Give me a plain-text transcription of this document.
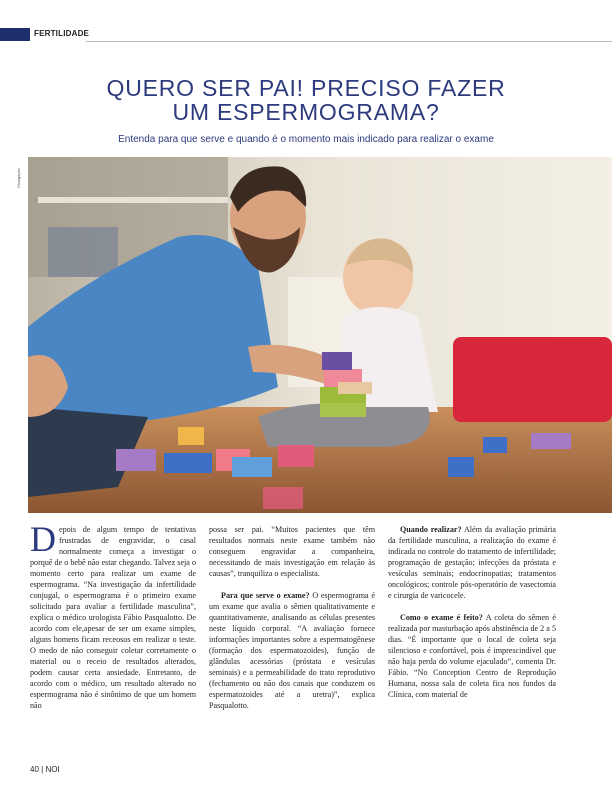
FERTILIDADE
QUERO SER PAI! PRECISO FAZER
UM ESPERMOGRAMA?
Entenda para que serve e quando é o momento mais indicado para realizar o exame
Divulgação

Depois de algum tempo de tentativas frustradas de engravidar, o casal normalmente começa a investigar o porquê de o bebê não estar chegando. Talvez seja o momento certo para realizar um exame de espermograma. “Na investigação da infertilidade conjugal, o espermograma é o primeiro exame solicitado para avaliar a fertilidade masculina”, explica o médico urologista Fábio Pasqualotto. De acordo com ele,apesar de ser um exame simples, alguns homens ficam receosos em realizar o teste. O medo de não conseguir coletar corretamente o material ou o receio de resultados alterados, podem causar certa ansiedade. Entretanto, de acordo com o médico, um resultado alterado no espermograma não é sinônimo de que um homem não

possa ser pai. “Muitos pacientes que têm resultados normais neste exame também não conseguem engravidar a companheira, necessitando de mais investigação em relação às causas”, tranquiliza o especialista.

Para que serve o exame? O espermograma é um exame que avalia o sêmen qualitativamente e quantitativamente, analisando as células presentes neste líquido corporal. “A avaliação fornece informações importantes sobre a espermatogênese (formação dos espermatozoides), função de glândulas acessórias (próstata e vesículas seminais) e a permeabilidade do trato reprodutivo (fechamento ou não dos canais que conduzem os espermatozoides até a uretra)”, explica Pasqualotto.

Quando realizar? Além da avaliação primária da fertilidade masculina, a realização do exame é indicada no controle do tratamento de infertilidade; programação de gestação; infecções da próstata e vesículas seminais; endocrinopatias; tratamentos oncológicos; controle pós-operatório de vasectomia e cirurgia de varicocele.

Como o exame é feito? A coleta do sêmen é realizada por masturbação após abstinência de 2 a 5 dias. “É importante que o local de coleta seja silencioso e confortável, pois é imprescindível que não haja perda do volume ejaculado”, comenta Dr. Fábio. “No Conception Centro de Reprodução Humana, nossa sala de coleta fica nos fundos da Clínica, com material de

40 | NOI
